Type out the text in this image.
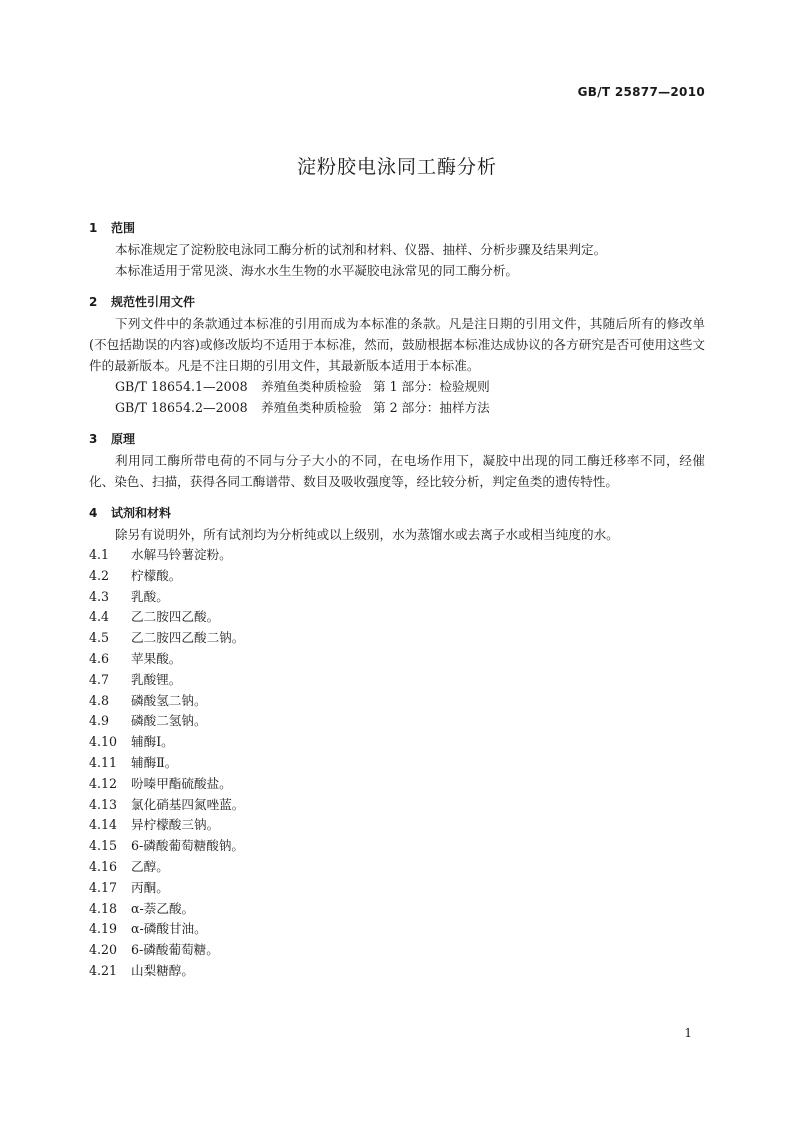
GB/T 25877—2010
淀粉胶电泳同工酶分析
1 范围
本标准规定了淀粉胶电泳同工酶分析的试剂和材料、仪器、抽样、分析步骤及结果判定。
本标准适用于常见淡、海水水生生物的水平凝胶电泳常见的同工酶分析。
2 规范性引用文件
下列文件中的条款通过本标准的引用而成为本标准的条款。凡是注日期的引用文件，其随后所有的修改单(不包括勘误的内容)或修改版均不适用于本标准，然而，鼓励根据本标准达成协议的各方研究是否可使用这些文件的最新版本。凡是不注日期的引用文件，其最新版本适用于本标准。
GB/T 18654.1—2008 养殖鱼类种质检验 第 1 部分：检验规则
GB/T 18654.2—2008 养殖鱼类种质检验 第 2 部分：抽样方法
3 原理
利用同工酶所带电荷的不同与分子大小的不同，在电场作用下，凝胶中出现的同工酶迁移率不同，经催化、染色、扫描，获得各同工酶谱带、数目及吸收强度等，经比较分析，判定鱼类的遗传特性。
4 试剂和材料
除另有说明外，所有试剂均为分析纯或以上级别，水为蒸馏水或去离子水或相当纯度的水。
4.1 水解马铃薯淀粉。
4.2 柠檬酸。
4.3 乳酸。
4.4 乙二胺四乙酸。
4.5 乙二胺四乙酸二钠。
4.6 苹果酸。
4.7 乳酸锂。
4.8 磷酸氢二钠。
4.9 磷酸二氢钠。
4.10 辅酶Ⅰ。
4.11 辅酶Ⅱ。
4.12 吩嗪甲酯硫酸盐。
4.13 氯化硝基四氮唑蓝。
4.14 异柠檬酸三钠。
4.15 6-磷酸葡萄糖酸钠。
4.16 乙醇。
4.17 丙酮。
4.18 α-萘乙酸。
4.19 α-磷酸甘油。
4.20 6-磷酸葡萄糖。
4.21 山梨糖醇。
1
